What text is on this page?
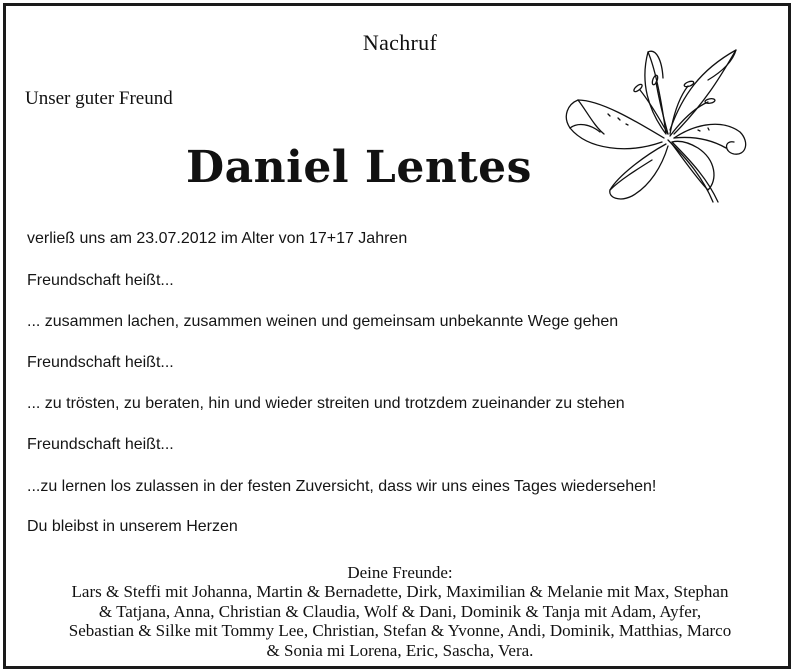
Nachruf
Unser guter Freund
Daniel Lentes
verließ uns am 23.07.2012 im Alter von 17+17 Jahren
Freundschaft heißt...
... zusammen lachen, zusammen weinen und gemeinsam unbekannte Wege gehen
Freundschaft heißt...
... zu trösten, zu beraten, hin und wieder streiten und trotzdem zueinander zu stehen
Freundschaft heißt...
...zu lernen los zulassen in der festen Zuversicht, dass wir uns eines Tages wiedersehen!
Du bleibst in unserem Herzen
Deine Freunde:
Lars & Steffi mit Johanna, Martin & Bernadette, Dirk, Maximilian & Melanie mit Max, Stephan
& Tatjana, Anna, Christian & Claudia, Wolf & Dani, Dominik & Tanja mit Adam, Ayfer,
Sebastian & Silke mit Tommy Lee, Christian, Stefan & Yvonne, Andi, Dominik, Matthias, Marco
& Sonia mi Lorena, Eric, Sascha, Vera.
